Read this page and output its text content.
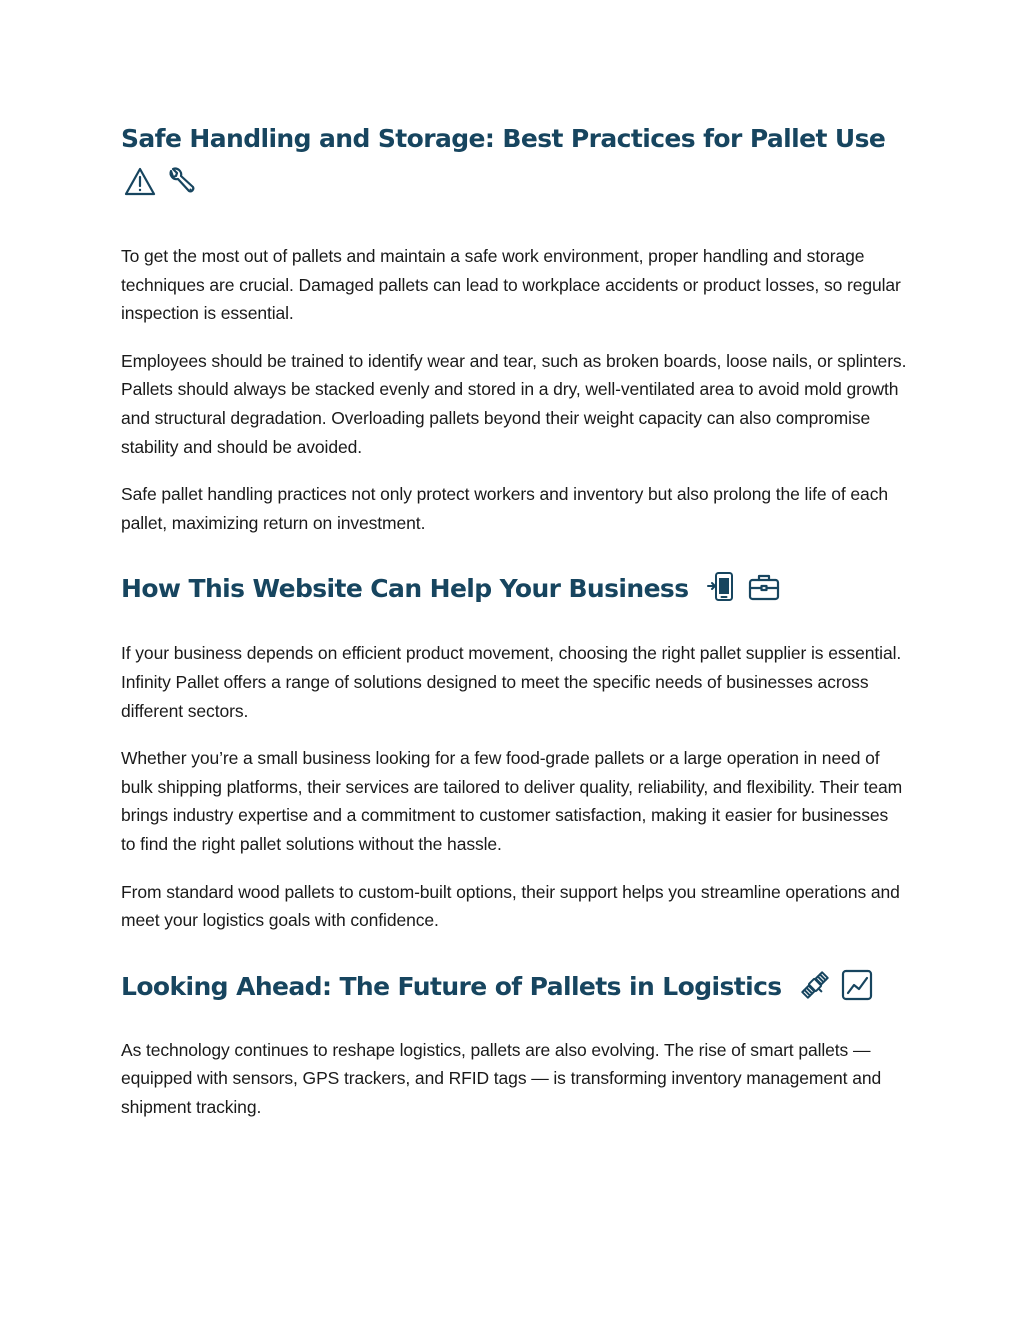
Safe Handling and Storage: Best Practices for Pallet Use

To get the most out of pallets and maintain a safe work environment, proper handling and storage techniques are crucial. Damaged pallets can lead to workplace accidents or product losses, so regular inspection is essential.

Employees should be trained to identify wear and tear, such as broken boards, loose nails, or splinters. Pallets should always be stacked evenly and stored in a dry, well-ventilated area to avoid mold growth and structural degradation. Overloading pallets beyond their weight capacity can also compromise stability and should be avoided.

Safe pallet handling practices not only protect workers and inventory but also prolong the life of each pallet, maximizing return on investment.

How This Website Can Help Your Business

If your business depends on efficient product movement, choosing the right pallet supplier is essential. Infinity Pallet offers a range of solutions designed to meet the specific needs of businesses across different sectors.

Whether you’re a small business looking for a few food-grade pallets or a large operation in need of bulk shipping platforms, their services are tailored to deliver quality, reliability, and flexibility. Their team brings industry expertise and a commitment to customer satisfaction, making it easier for businesses to find the right pallet solutions without the hassle.

From standard wood pallets to custom-built options, their support helps you streamline operations and meet your logistics goals with confidence.

Looking Ahead: The Future of Pallets in Logistics

As technology continues to reshape logistics, pallets are also evolving. The rise of smart pallets — equipped with sensors, GPS trackers, and RFID tags — is transforming inventory management and shipment tracking.
